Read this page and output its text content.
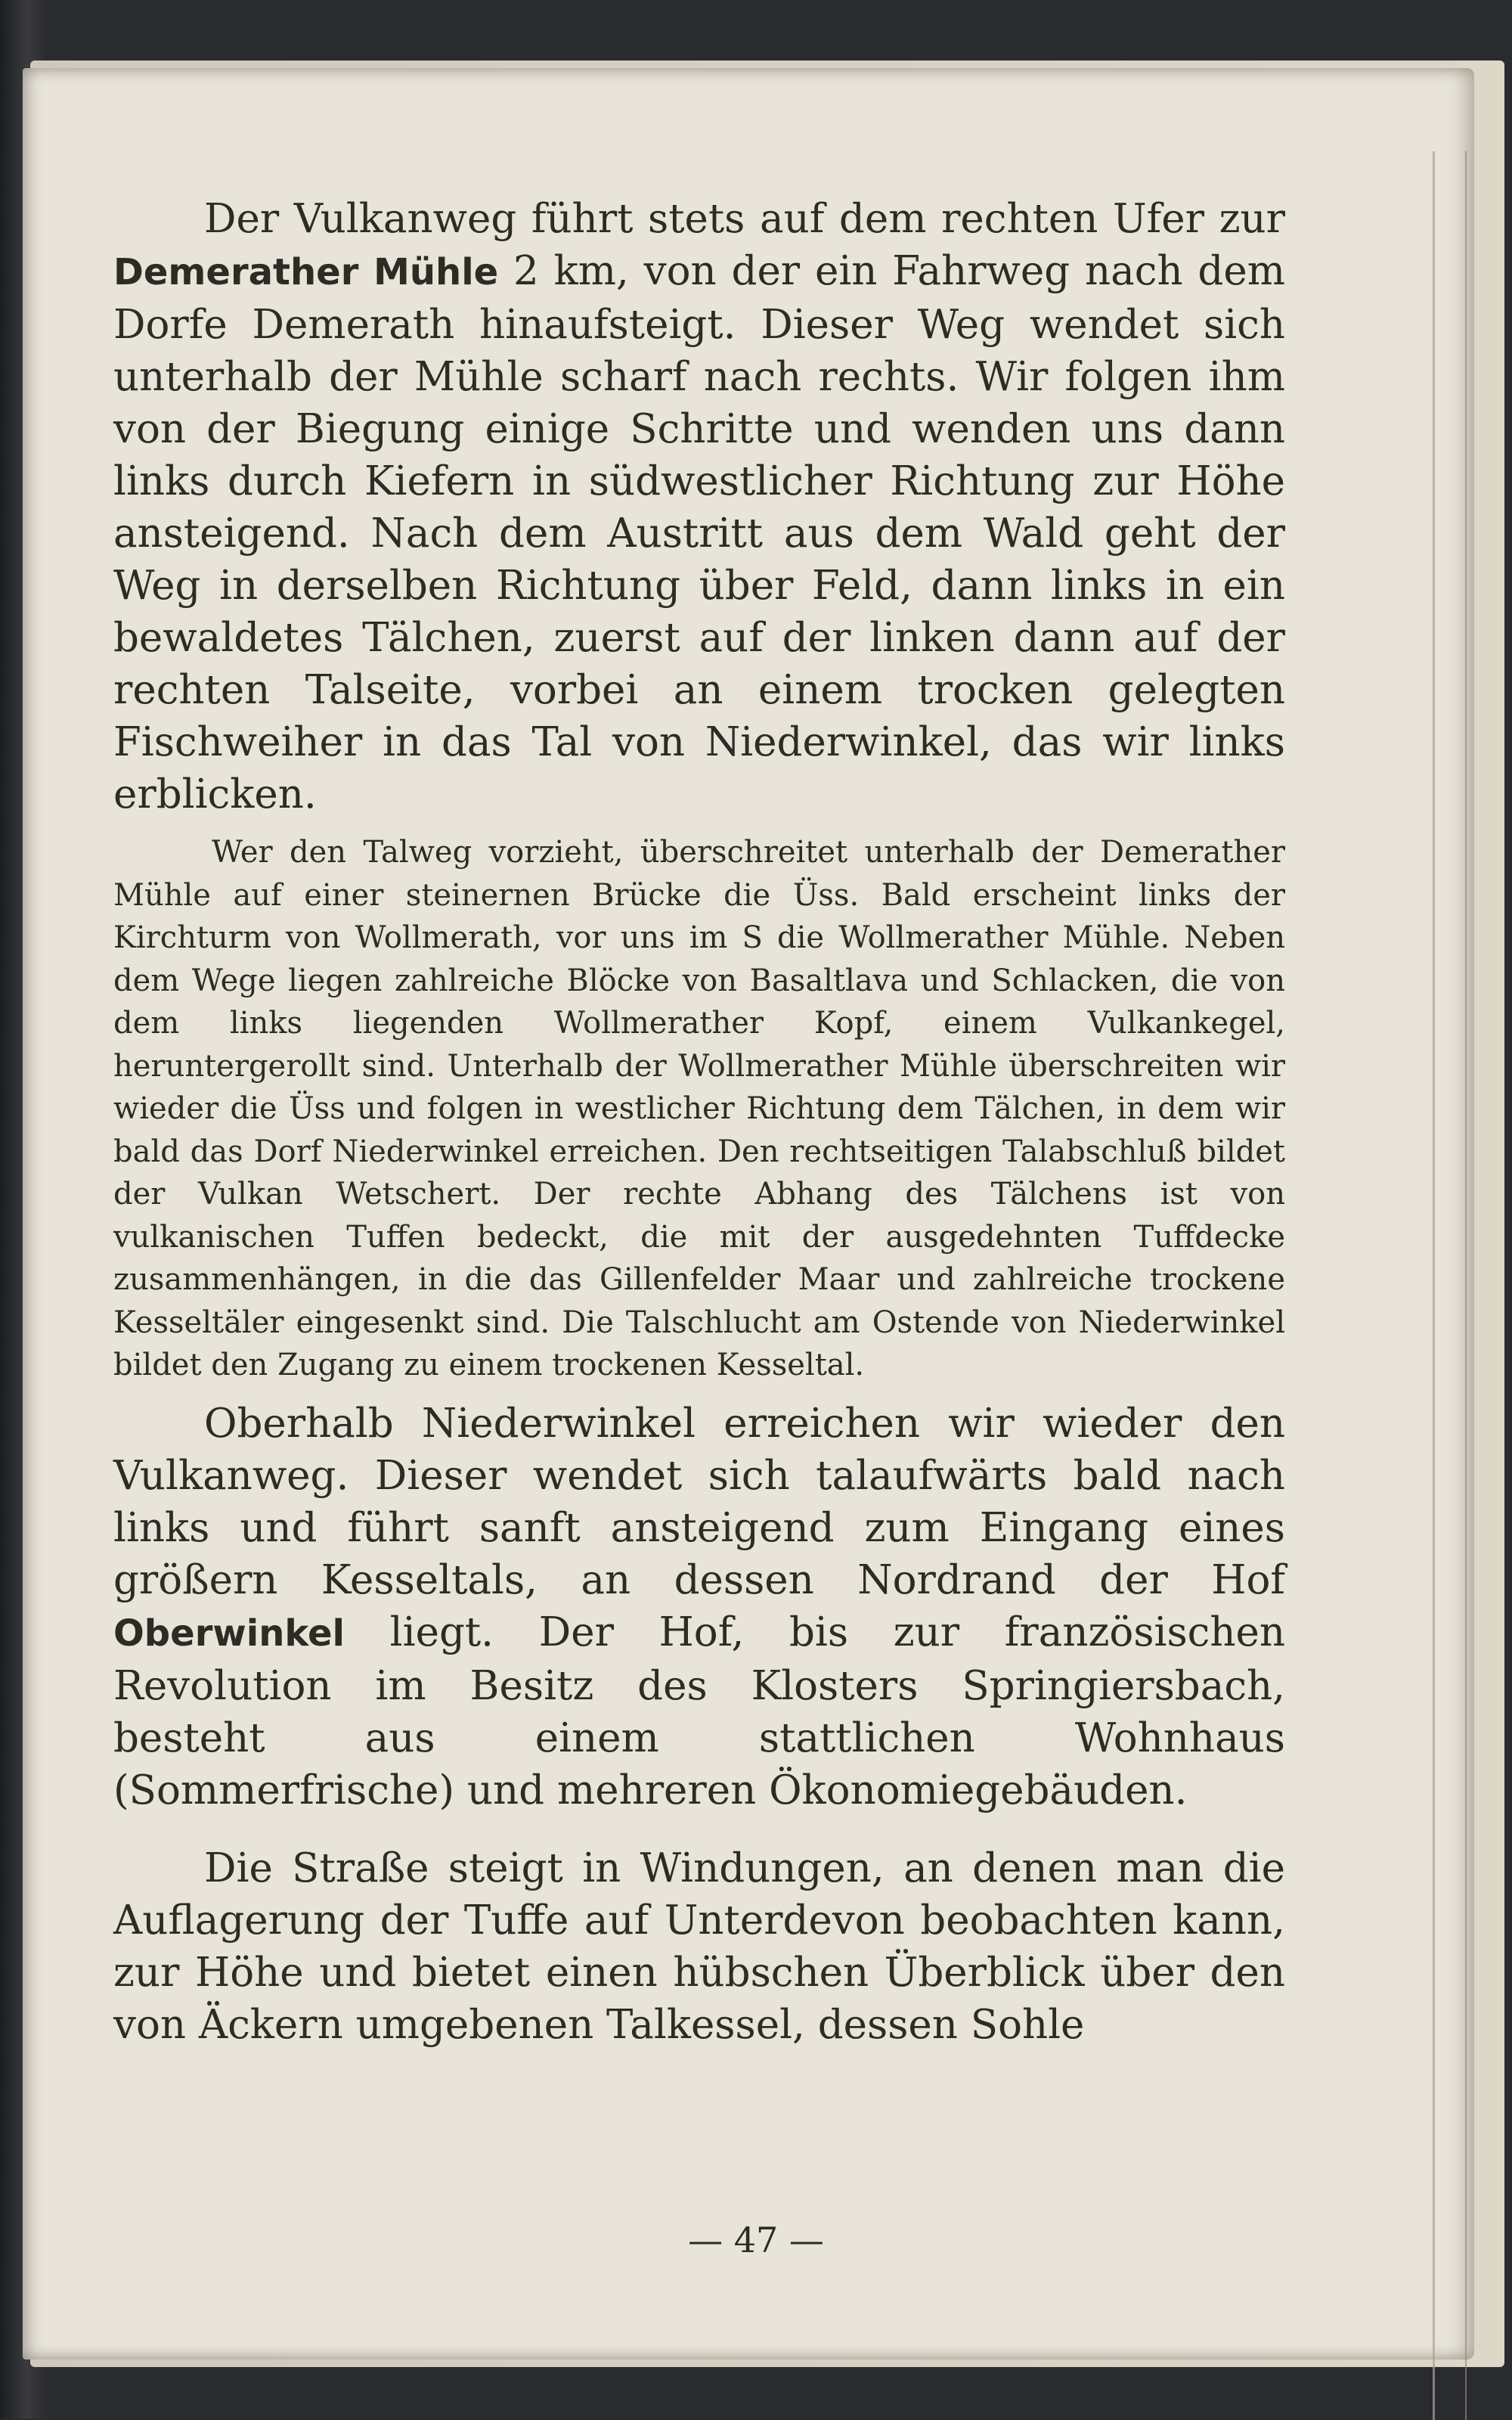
Der Vulkanweg führt stets auf dem rechten Ufer zur Demerather Mühle 2 km, von der ein Fahrweg nach dem Dorfe Demerath hinaufsteigt. Dieser Weg wendet sich unterhalb der Mühle scharf nach rechts. Wir folgen ihm von der Biegung einige Schritte und wenden uns dann links durch Kiefern in südwestlicher Richtung zur Höhe ansteigend. Nach dem Austritt aus dem Wald geht der Weg in derselben Richtung über Feld, dann links in ein bewaldetes Tälchen, zuerst auf der linken dann auf der rechten Talseite, vorbei an einem trocken gelegten Fischweiher in das Tal von Niederwinkel, das wir links erblicken.

Wer den Talweg vorzieht, überschreitet unterhalb der Demerather Mühle auf einer steinernen Brücke die Üss. Bald erscheint links der Kirchturm von Wollmerath, vor uns im S die Wollmerather Mühle. Neben dem Wege liegen zahlreiche Blöcke von Basaltlava und Schlacken, die von dem links liegenden Wollmerather Kopf, einem Vulkankegel, heruntergerollt sind. Unterhalb der Wollmerather Mühle überschreiten wir wieder die Üss und folgen in westlicher Richtung dem Tälchen, in dem wir bald das Dorf Niederwinkel erreichen. Den rechtseitigen Talabschluß bildet der Vulkan Wetschert. Der rechte Abhang des Tälchens ist von vulkanischen Tuffen bedeckt, die mit der ausgedehnten Tuffdecke zusammenhängen, in die das Gillenfelder Maar und zahlreiche trockene Kesseltäler eingesenkt sind. Die Talschlucht am Ostende von Niederwinkel bildet den Zugang zu einem trockenen Kesseltal.

Oberhalb Niederwinkel erreichen wir wieder den Vulkanweg. Dieser wendet sich talaufwärts bald nach links und führt sanft ansteigend zum Eingang eines größern Kesseltals, an dessen Nordrand der Hof Oberwinkel liegt. Der Hof, bis zur französischen Revolution im Besitz des Klosters Springiersbach, besteht aus einem stattlichen Wohnhaus (Sommerfrische) und mehreren Ökonomiegebäuden.

Die Straße steigt in Windungen, an denen man die Auflagerung der Tuffe auf Unterdevon beobachten kann, zur Höhe und bietet einen hübschen Überblick über den von Äckern umgebenen Talkessel, dessen Sohle

— 47 —
